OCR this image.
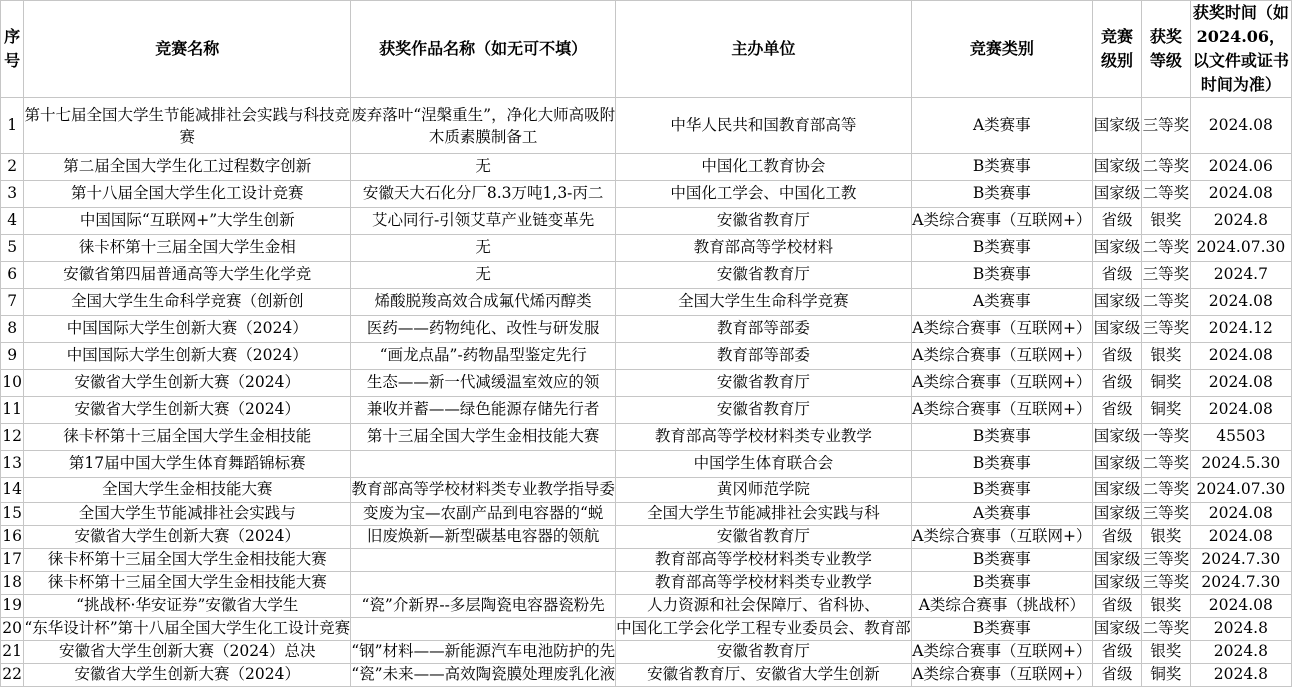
序号	竞赛名称	获奖作品名称（如无可不填）	主办单位	竞赛类别	竞赛级别	获奖等级	获奖时间（如2024.06，以文件或证书时间为准）
1	第十七届全国大学生节能减排社会实践与科技竞赛	废弃落叶“涅槃重生”，净化大师高吸附木质素膜制备工	中华人民共和国教育部高等	A类赛事	国家级	三等奖	2024.08
2	第二届全国大学生化工过程数字创新	无	中国化工教育协会	B类赛事	国家级	二等奖	2024.06
3	第十八届全国大学生化工设计竞赛	安徽天大石化分厂8.3万吨1,3-丙二	中国化工学会、中国化工教	B类赛事	国家级	二等奖	2024.08
4	中国国际“互联网+”大学生创新	艾心同行-引领艾草产业链变革先	安徽省教育厅	A类综合赛事（互联网+）	省级	银奖	2024.8
5	徕卡杯第十三届全国大学生金相	无	教育部高等学校材料	B类赛事	国家级	二等奖	2024.07.30
6	安徽省第四届普通高等大学生化学竞	无	安徽省教育厅	B类赛事	省级	三等奖	2024.7
7	全国大学生生命科学竞赛（创新创	烯酸脱羧高效合成氟代烯丙醇类	全国大学生生命科学竞赛	A类赛事	国家级	二等奖	2024.08
8	中国国际大学生创新大赛（2024）	医药——药物纯化、改性与研发服	教育部等部委	A类综合赛事（互联网+）	国家级	三等奖	2024.12
9	中国国际大学生创新大赛（2024）	“画龙点晶”-药物晶型鉴定先行	教育部等部委	A类综合赛事（互联网+）	省级	银奖	2024.08
10	安徽省大学生创新大赛（2024）	生态——新一代减缓温室效应的领	安徽省教育厅	A类综合赛事（互联网+）	省级	铜奖	2024.08
11	安徽省大学生创新大赛（2024）	兼收并蓄——绿色能源存储先行者	安徽省教育厅	A类综合赛事（互联网+）	省级	铜奖	2024.08
12	徕卡杯第十三届全国大学生金相技能	第十三届全国大学生金相技能大赛	教育部高等学校材料类专业教学	B类赛事	国家级	一等奖	45503
13	第17届中国大学生体育舞蹈锦标赛		中国学生体育联合会	B类赛事	国家级	二等奖	2024.5.30
14	全国大学生金相技能大赛	教育部高等学校材料类专业教学指导委	黄冈师范学院	B类赛事	国家级	二等奖	2024.07.30
15	全国大学生节能减排社会实践与	变废为宝—农副产品到电容器的“蜕	全国大学生节能减排社会实践与科	A类赛事	国家级	三等奖	2024.08
16	安徽省大学生创新大赛（2024）	旧废焕新—新型碳基电容器的领航	安徽省教育厅	A类综合赛事（互联网+）	省级	银奖	2024.08
17	徕卡杯第十三届全国大学生金相技能大赛		教育部高等学校材料类专业教学	B类赛事	国家级	三等奖	2024.7.30
18	徕卡杯第十三届全国大学生金相技能大赛		教育部高等学校材料类专业教学	B类赛事	国家级	三等奖	2024.7.30
19	“挑战杯·华安证券”安徽省大学生	“瓷”介新界--多层陶瓷电容器瓷粉先	人力资源和社会保障厅、省科协、	A类综合赛事（挑战杯）	省级	银奖	2024.08
20	“东华设计杯”第十八届全国大学生化工设计竞赛		中国化工学会化学工程专业委员会、教育部	B类赛事	国家级	二等奖	2024.8
21	安徽省大学生创新大赛（2024）总决	“钢”材料——新能源汽车电池防护的先	安徽省教育厅	A类综合赛事（互联网+）	省级	银奖	2024.8
22	安徽省大学生创新大赛（2024）	“瓷”未来——高效陶瓷膜处理废乳化液	安徽省教育厅、安徽省大学生创新	A类综合赛事（互联网+）	省级	铜奖	2024.8
